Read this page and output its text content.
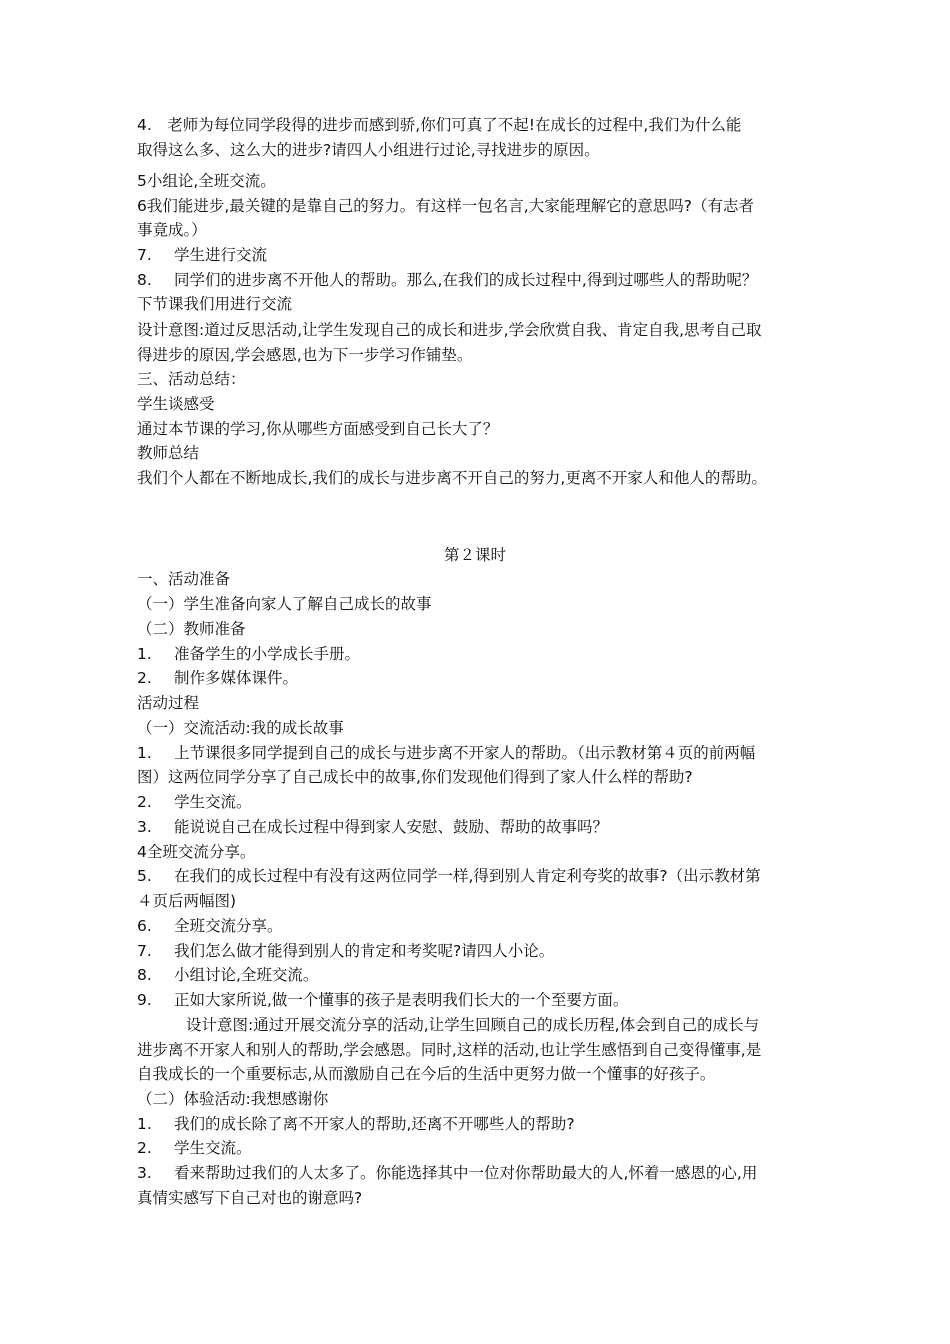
4.　老师为每位同学段得的进步而感到骄,你们可真了不起!在成长的过程中,我们为什么能
取得这么多、这么大的进步?请四人小组进行过论,寻找进步的原因。
5小组论,全班交流。
6我们能进步,最关键的是靠自己的努力。有这样一包名言,大家能理解它的意思吗?（有志者
事竟成。）
7. 学生进行交流
8. 同学们的进步离不开他人的帮助。那么,在我们的成长过程中,得到过哪些人的帮助呢？
下节课我们用进行交流
设计意图:道过反思活动,让学生发现自己的成长和进步,学会欣赏自我、肯定自我,思考自己取
得进步的原因,学会感恩,也为下一步学习作铺垫。
三、活动总结：
学生谈感受
通过本节课的学习,你从哪些方面感受到自己长大了？
教师总结
我们个人都在不断地成长,我们的成长与进步离不开自己的努力,更离不开家人和他人的帮助。
第２课时
一、活动准备
（一）学生准备向家人了解自己成长的故事
（二）教师准备
1. 准备学生的小学成长手册。
2. 制作多媒体课件。
活动过程
（一）交流活动:我的成长故事
1. 上节课很多同学提到自己的成长与进步离不开家人的帮助。（出示教材第４页的前两幅
图）这两位同学分享了自己成长中的故事,你们发现他们得到了家人什么样的帮助?
2. 学生交流。
3. 能说说自己在成长过程中得到家人安慰、鼓励、帮助的故事吗？
4全班交流分享。
5. 在我们的成长过程中有没有这两位同学一样,得到别人肯定利夸奖的故事?（出示教材第
４页后两幅图)
6. 全班交流分享。
7. 我们怎么做才能得到别人的肯定和考奖呢?请四人小论。
8. 小组讨论,全班交流。
9. 正如大家所说,做一个懂事的孩子是表明我们长大的一个至要方面。
设计意图:通过开展交流分享的活动,让学生回顾自己的成长历程,体会到自己的成长与
进步离不开家人和别人的帮助,学会感恩。同时,这样的活动,也让学生感悟到自己变得懂事,是
自我成长的一个重要标志,从而激励自己在今后的生活中更努力做一个懂事的好孩子。
（二）体验活动:我想感谢你
1. 我们的成长除了离不开家人的帮助,还离不开哪些人的帮助?
2. 学生交流。
3. 看来帮助过我们的人太多了。你能选择其中一位对你帮助最大的人,怀着一感恩的心,用
真情实感写下自己对也的谢意吗?
